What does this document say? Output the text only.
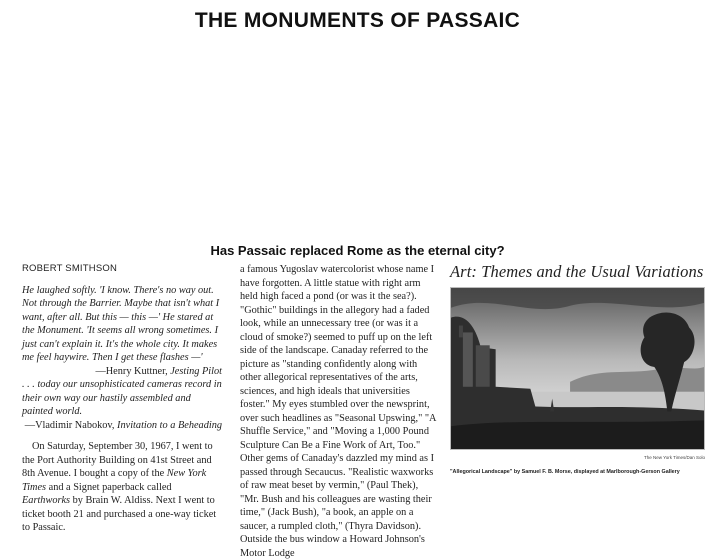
THE MONUMENTS OF PASSAIC
Has Passaic replaced Rome as the eternal city?
ROBERT SMITHSON

He laughed softly. 'I know. There's no way out. Not through the Barrier. Maybe that isn't what I want, after all. But this — this —' He stared at the Monument. 'It seems all wrong sometimes. I just can't explain it. It's the whole city. It makes me feel haywire. Then I get these flashes —'

—Henry Kuttner, Jesting Pilot

. . . today our unsophisticated cameras record in their own way our hastily assembled and painted world.

—Vladimir Nabokov, Invitation to a Beheading

On Saturday, September 30, 1967, I went to the Port Authority Building on 41st Street and 8th Avenue. I bought a copy of the New York Times and a Signet paperback called Earthworks by Brain W. Aldiss. Next I went to ticket booth 21 and purchased a one-way ticket to Passaic.

a famous Yugoslav watercolorist whose name I have forgotten. A little statue with right arm held high faced a pond (or was it the sea?). "Gothic" buildings in the allegory had a faded look, while an unnecessary tree (or was it a cloud of smoke?) seemed to puff up on the left side of the landscape. Canaday referred to the picture as "standing confidently along with other allegorical representatives of the arts, sciences, and high ideals that universities foster." My eyes stumbled over the newsprint, over such headlines as "Seasonal Upswing," "A Shuffle Service," and "Moving a 1,000 Pound Sculpture Can Be a Fine Work of Art, Too." Other gems of Canaday's dazzled my mind as I passed through Secaucus. "Realistic waxworks of raw meat beset by vermin," (Paul Thek), "Mr. Bush and his colleagues are wasting their time," (Jack Bush), "a book, an apple on a saucer, a rumpled cloth," (Thyra Davidson). Outside the bus window a Howard Johnson's Motor Lodge

Art: Themes and the Usual Variations
The New York Times/Dan Solo
"Allegorical Landscape" by Samuel F. B. Morse, displayed at Marlborough-Gerson Gallery
